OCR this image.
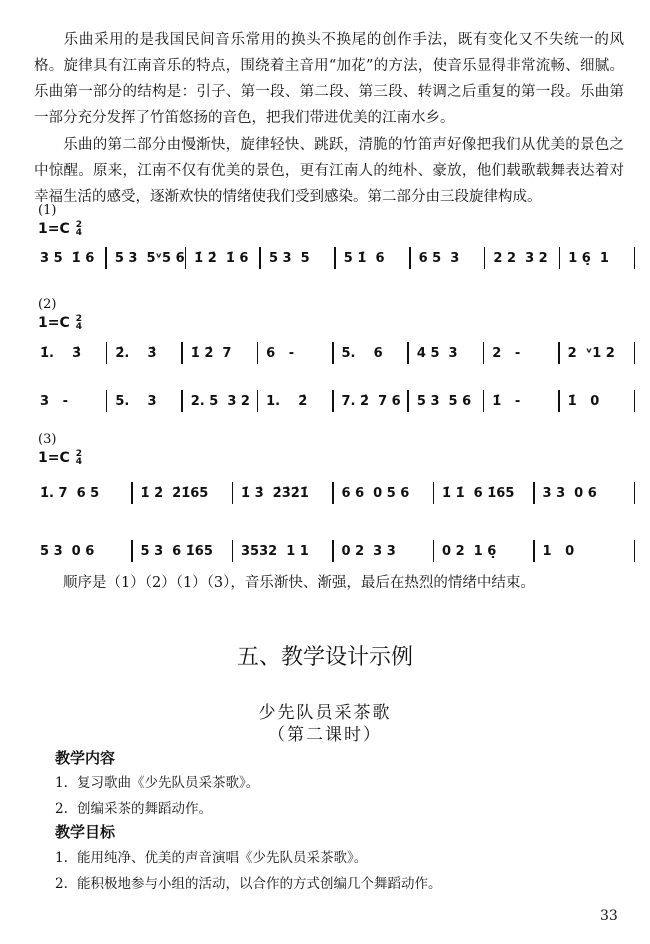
乐曲采用的是我国民间音乐常用的换头不换尾的创作手法，既有变化又不失统一的风格。旋律具有江南音乐的特点，围绕着主音用“加花”的方法，使音乐显得非常流畅、细腻。乐曲第一部分的结构是：引子、第一段、第二段、第三段、转调之后重复的第一段。乐曲第一部分充分发挥了竹笛悠扬的音色，把我们带进优美的江南水乡。
乐曲的第二部分由慢渐快，旋律轻快、跳跃，清脆的竹笛声好像把我们从优美的景色之中惊醒。原来，江南不仅有优美的景色，更有江南人的纯朴、豪放，他们载歌载舞表达着对幸福生活的感受，逐渐欢快的情绪使我们受到感染。第二部分由三段旋律构成。
(1)
1=C 2
4
3 5  1̇ 6	5 3  5ᵛ5 6 1̇ 2̇  1̇ 6	5 3  5	5 1̇  6	6 5  3	2 2  3 2	1 6̣  1
(2)
1=C 2
4
1̇.    3̇	2̇.    3̇	1̇ 2̇  7	6   -	5.    6	4 5  3	2   -	2  ᵛ1 2
3   -	5.    3	2. 5  3 2	1.    2̇	7. 2̇  7 6	5 3  5 6	1̇   -	1̇   0
(3)
1=C 2
4
1̇. 7  6 5	1̇ 2̇  2̇1̇65	1̇ 3̇  2̇3̇2̇1̇	6 6  0 5 6	1̇ 1̇  6 1̇65	3 3  0 6
5 3  0 6	5 3  6 1̇65	3532  1 1	0 2  3 3	0 2  1 6̣	1   0
顺序是（1）（2）（1）（3），音乐渐快、渐强，最后在热烈的情绪中结束。
五、教学设计示例
少先队员采茶歌
（第二课时）
教学内容
1. 复习歌曲《少先队员采茶歌》。
2. 创编采茶的舞蹈动作。
教学目标
1. 能用纯净、优美的声音演唱《少先队员采茶歌》。
2. 能积极地参与小组的活动，以合作的方式创编几个舞蹈动作。
33
